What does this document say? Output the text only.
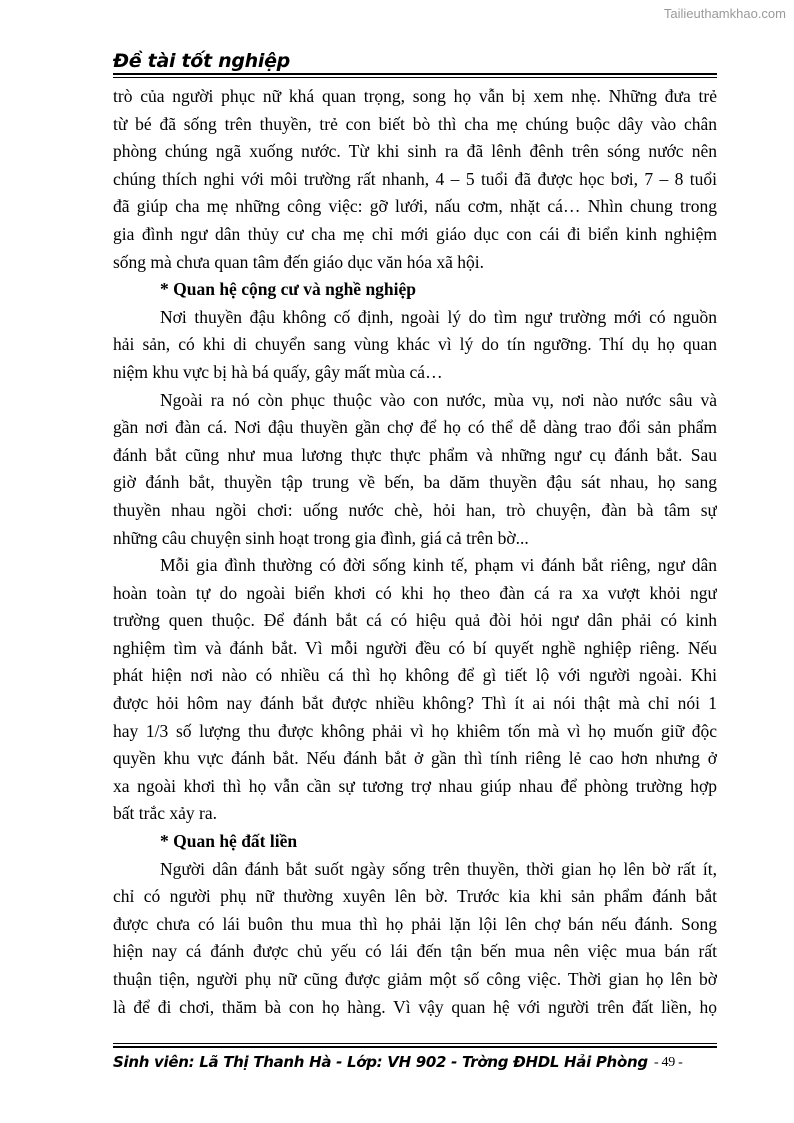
Tailieuthamkhao.com
Đề tài tốt nghiệp
trò của người phục nữ khá quan trọng, song họ vẫn bị xem nhẹ. Những đưa trẻ
từ bé đã sống trên thuyền, trẻ con biết bò thì cha mẹ chúng buộc dây vào chân
phòng chúng ngã xuống nước. Từ khi sinh ra đã lênh đênh trên sóng nước nên
chúng thích nghi với môi trường rất nhanh, 4 – 5 tuổi đã được học bơi, 7 – 8 tuổi
đã giúp cha mẹ những công việc: gỡ lưới, nấu cơm, nhặt cá… Nhìn chung trong
gia đình ngư dân thủy cư cha mẹ chỉ mới giáo dục con cái đi biển kinh nghiệm
sống mà chưa quan tâm đến giáo dục văn hóa xã hội.
* Quan hệ cộng cư và nghề nghiệp
Nơi thuyền đậu không cố định, ngoài lý do tìm ngư trường mới có nguồn
hải sản, có khi di chuyển sang vùng khác vì lý do tín ngưỡng. Thí dụ họ quan
niệm khu vực bị hà bá quấy, gây mất mùa cá…
Ngoài ra nó còn phục thuộc vào con nước, mùa vụ, nơi nào nước sâu và
gần nơi đàn cá. Nơi đậu thuyền gần chợ để họ có thể dễ dàng trao đổi sản phẩm
đánh bắt cũng như mua lương thực thực phẩm và những ngư cụ đánh bắt. Sau
giờ đánh bắt, thuyền tập trung về bến, ba dăm thuyền đậu sát nhau, họ sang
thuyền nhau ngồi chơi: uống nước chè, hỏi han, trò chuyện, đàn bà tâm sự
những câu chuyện sinh hoạt trong gia đình, giá cả trên bờ...
Mỗi gia đình thường có đời sống kinh tế, phạm vi đánh bắt riêng, ngư dân
hoàn toàn tự do ngoài biển khơi có khi họ theo đàn cá ra xa vượt khỏi ngư
trường quen thuộc. Để đánh bắt cá có hiệu quả đòi hỏi ngư dân phải có kinh
nghiệm tìm và đánh bắt. Vì mỗi người đều có bí quyết nghề nghiệp riêng. Nếu
phát hiện nơi nào có nhiều cá thì họ không để gì tiết lộ với người ngoài. Khi
được hỏi hôm nay đánh bắt được nhiều không? Thì ít ai nói thật mà chỉ nói 1
hay 1/3 số lượng thu được không phải vì họ khiêm tốn mà vì họ muốn giữ độc
quyền khu vực đánh bắt. Nếu đánh bắt ở gần thì tính riêng lẻ cao hơn nhưng ở
xa ngoài khơi thì họ vẫn cần sự tương trợ nhau giúp nhau để phòng trường hợp
bất trắc xảy ra.
* Quan hệ đất liền
Người dân đánh bắt suốt ngày sống trên thuyền, thời gian họ lên bờ rất ít,
chỉ có người phụ nữ thường xuyên lên bờ. Trước kia khi sản phẩm đánh bắt
được chưa có lái buôn thu mua thì họ phải lặn lội lên chợ bán nếu đánh. Song
hiện nay cá đánh được chủ yếu có lái đến tận bến mua nên việc mua bán rất
thuận tiện, người phụ nữ cũng được giảm một số công việc. Thời gian họ lên bờ
là để đi chơi, thăm bà con họ hàng. Vì vậy quan hệ với người trên đất liền, họ
Sinh viên: Lã Thị Thanh Hà - Lớp: VH 902 - Trờng ĐHDL Hải Phòng - 49 -
